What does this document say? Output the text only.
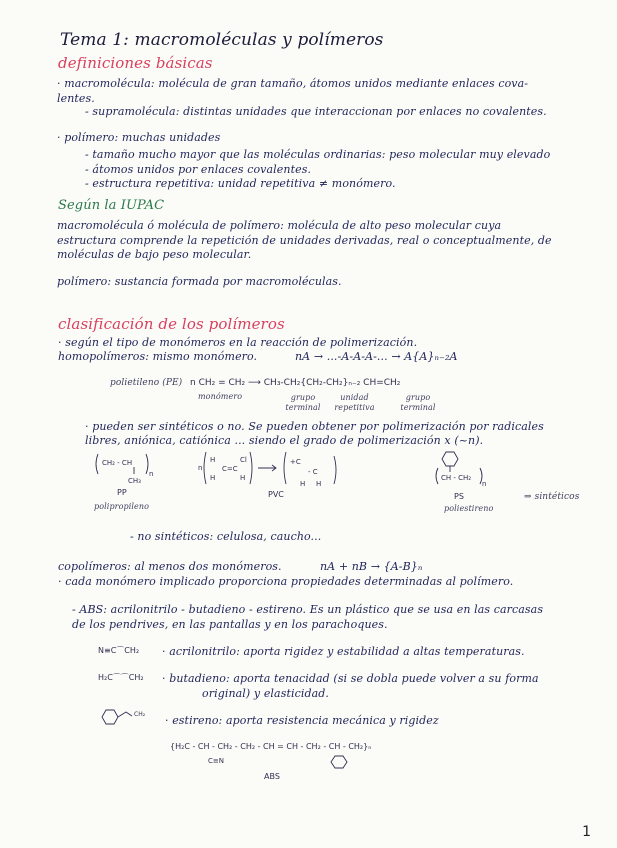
Tema 1: macromoléculas y polímeros
definiciones básicas
· macromolécula: molécula de gran tamaño, átomos unidos mediante enlaces cova-
lentes.
- supramolécula: distintas unidades que interaccionan por enlaces no covalentes.
· polímero: muchas unidades
- tamaño mucho mayor que las moléculas ordinarias: peso molecular muy elevado
- átomos unidos por enlaces covalentes.
- estructura repetitiva: unidad repetitiva ≠ monómero.
Según la IUPAC
macromolécula ó molécula de polímero: molécula de alto peso molecular cuya
estructura comprende la repetición de unidades derivadas, real o conceptualmente, de
moléculas de bajo peso molecular.
polímero: sustancia formada por macromoléculas.
clasificación de los polímeros
· según el tipo de monómeros en la reacción de polimerización.
homopolímeros: mismo monómero.	nA → ...-A-A-A-... → A{A}ₙ₋₂A
polietileno (PE) n CH₂ = CH₂ ⟶ CH₃-CH₂{CH₂-CH₂}ₙ₋₂ CH=CH₂
monómero	grupo terminal
unidad repetitiva
grupo terminal
· pueden ser sintéticos o no. Se pueden obtener por polimerización por radicales
libres, aniónica, catiónica ... siendo el grado de polimerización x (~n).
CH₂ - CH
CH₃
n
PP
polipropileno
n
H
H
C=C
Cl
H
+C
- C
H H
PVC
CH - CH₂
n
PS
poliestireno
⇒ sintéticos
- no sintéticos: celulosa, caucho...
copolímeros: al menos dos monómeros.	nA + nB → {A-B}ₙ
· cada monómero implicado proporciona propiedades determinadas al polímero.
- ABS: acrilonitrilo - butadieno - estireno. Es un plástico que se usa en las carcasas
de los pendrives, en las pantallas y en los parachoques.
N≡C⌒CH₂ · acrilonitrilo: aporta rigidez y estabilidad a altas temperaturas.
H₂C⌒⌒CH₂ · butadieno: aporta tenacidad (si se dobla puede volver a su forma
original) y elasticidad.
CH₂ · estireno: aporta resistencia mecánica y rigidez
{H₂C - CH - CH₂ - CH₂ - CH = CH - CH₂ - CH - CH₂}ₙ
C≡N
ABS
1
